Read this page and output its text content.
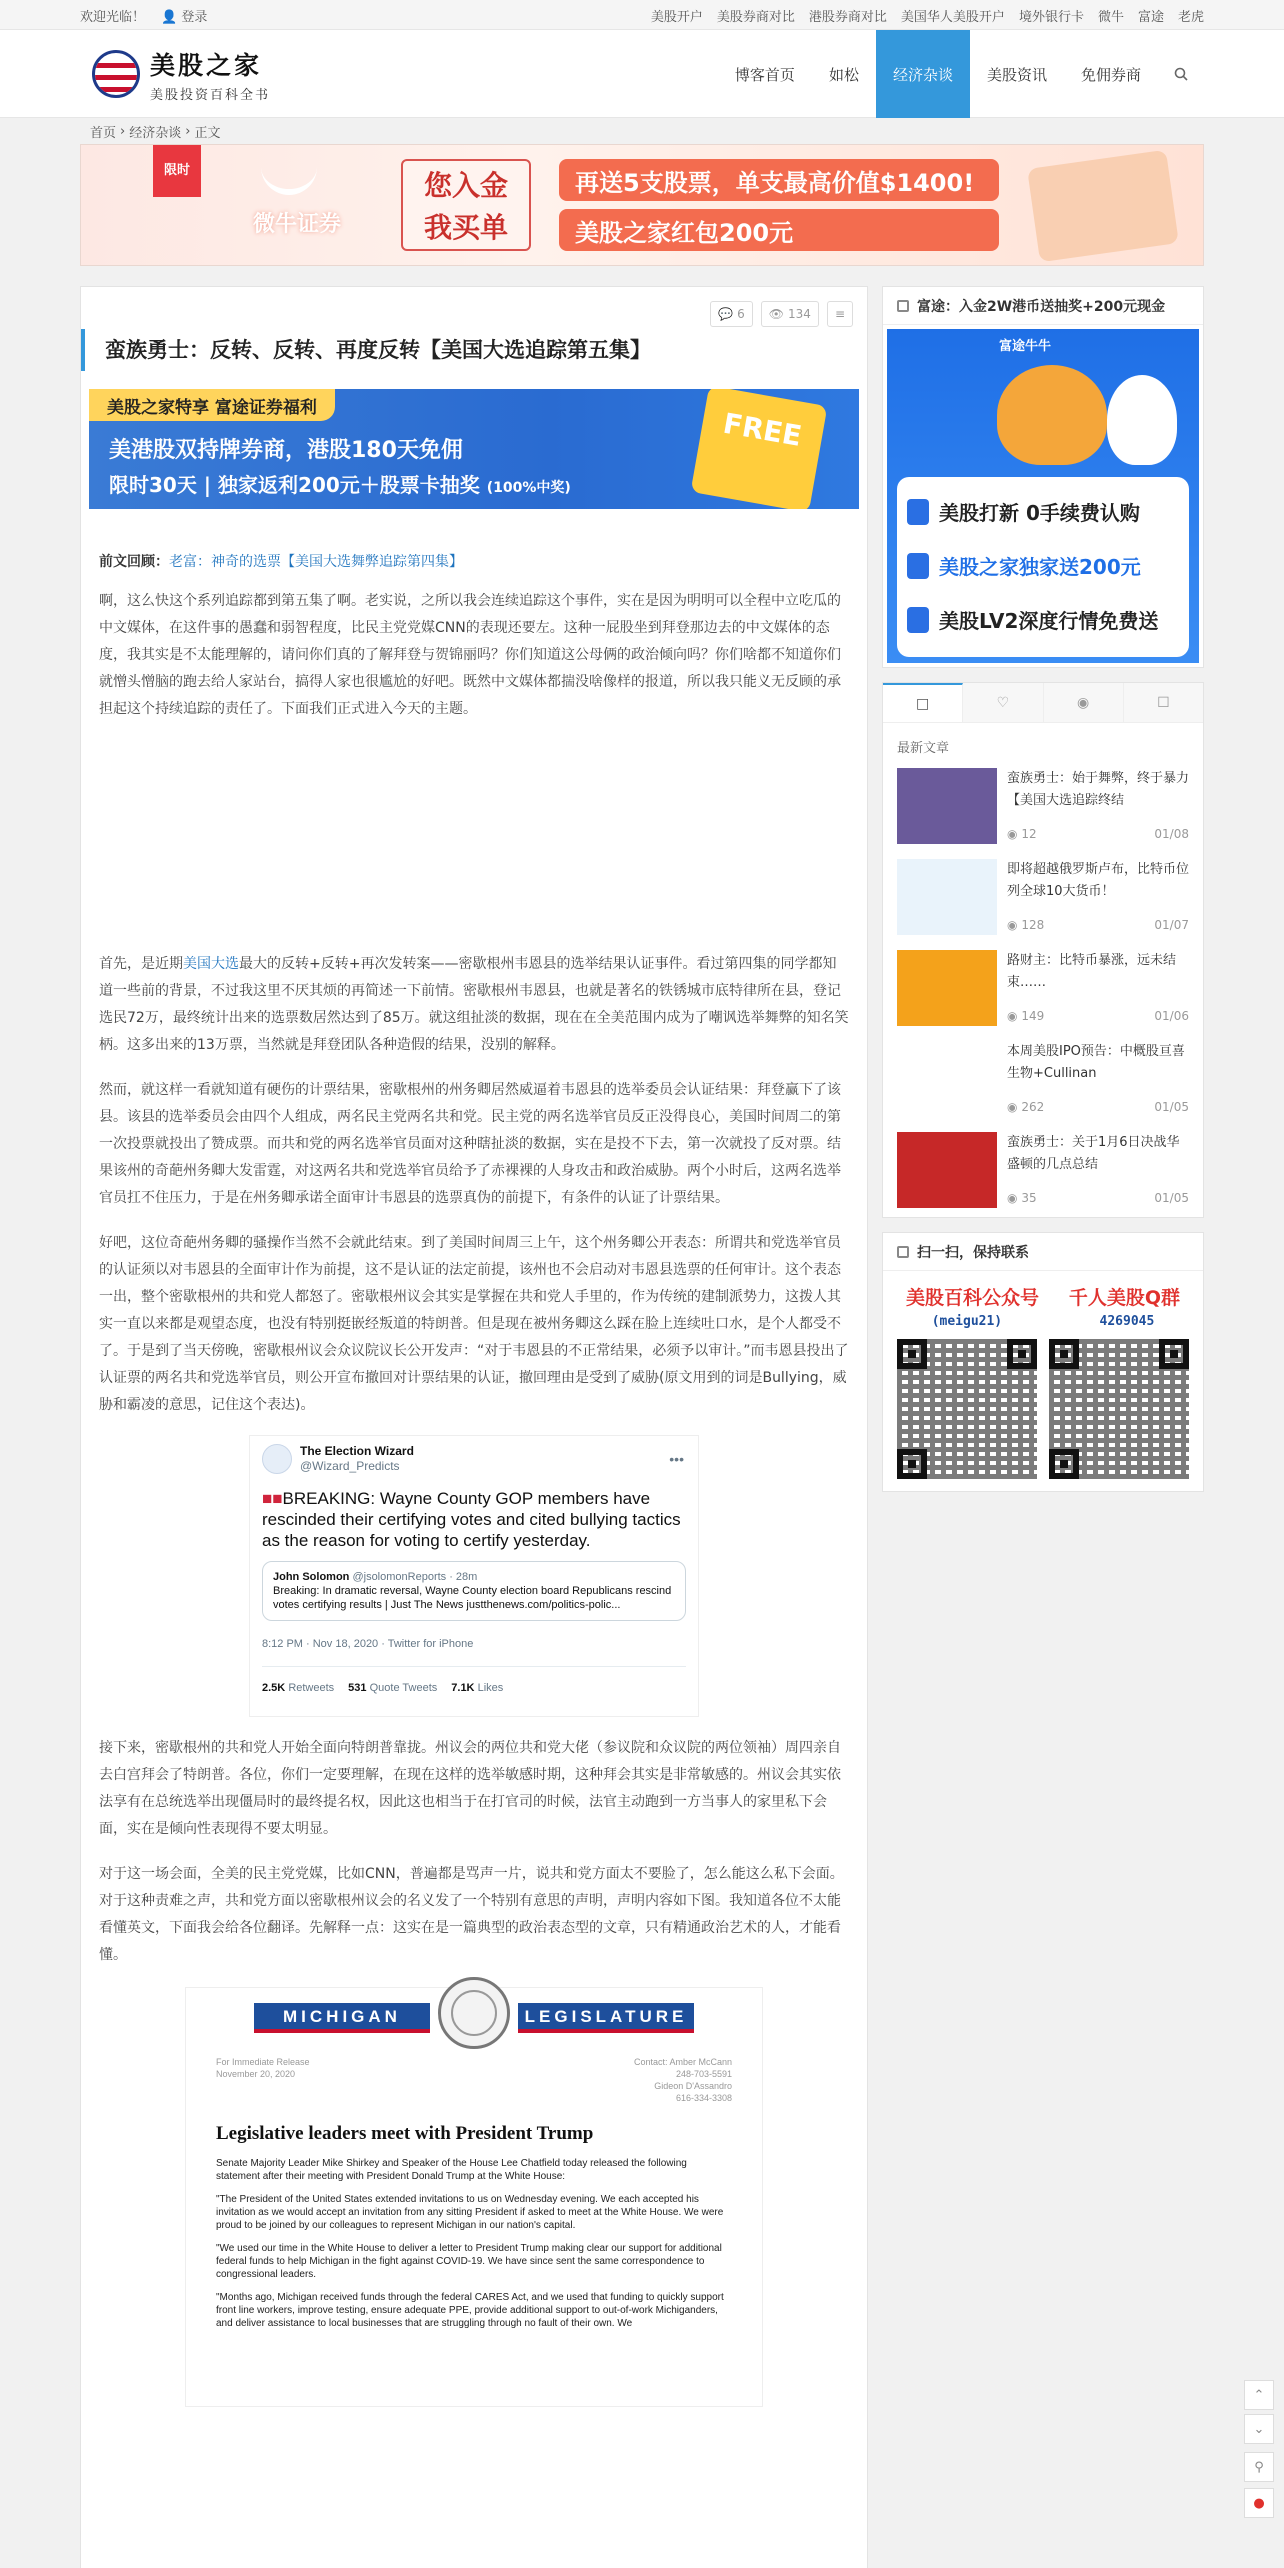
欢迎光临！ 👤 登录	美股开户 美股券商对比 港股券商对比 美国华人美股开户 境外银行卡 微牛 富途 老虎
美股之家
美股投资百科全书
博客首页	如松	经济杂谈	美股资讯	免佣券商
首页 › 经济杂谈 › 正文
限时
微牛证券
您入金
我买单
再送5支股票，单支最高价值$1400!
美股之家红包200元
💬 6 👁 134 ≡
蛮族勇士：反转、反转、再度反转【美国大选追踪第五集】
美股之家特享 富途证券福利
美港股双持牌券商，港股180天免佣
限时30天 | 独家返利200元＋股票卡抽奖 (100%中奖)
FREE
前文回顾：老富：神奇的选票【美国大选舞弊追踪第四集】

啊，这么快这个系列追踪都到第五集了啊。老实说，之所以我会连续追踪这个事件，实在是因为明明可以全程中立吃瓜的中文媒体，在这件事的愚蠢和弱智程度，比民主党党媒CNN的表现还要左。这种一屁股坐到拜登那边去的中文媒体的态度，我其实是不太能理解的，请问你们真的了解拜登与贺锦丽吗？你们知道这公母俩的政治倾向吗？你们啥都不知道你们就憎头憎脑的跑去给人家站台，搞得人家也很尴尬的好吧。既然中文媒体都揣没啥像样的报道，所以我只能义无反顾的承担起这个持续追踪的责任了。下面我们正式进入今天的主题。

首先，是近期美国大选最大的反转+反转+再次发转案——密歇根州韦恩县的选举结果认证事件。看过第四集的同学都知道一些前的背景，不过我这里不厌其烦的再简述一下前情。密歇根州韦恩县，也就是著名的铁锈城市底特律所在县，登记选民72万，最终统计出来的选票数居然达到了85万。就这组扯淡的数据，现在在全美范围内成为了嘲讽选举舞弊的知名笑柄。这多出来的13万票，当然就是拜登团队各种造假的结果，没别的解释。

然而，就这样一看就知道有硬伤的计票结果，密歇根州的州务卿居然威逼着韦恩县的选举委员会认证结果：拜登赢下了该县。该县的选举委员会由四个人组成，两名民主党两名共和党。民主党的两名选举官员反正没得良心，美国时间周二的第一次投票就投出了赞成票。而共和党的两名选举官员面对这种瞎扯淡的数据，实在是投不下去，第一次就投了反对票。结果该州的奇葩州务卿大发雷霆，对这两名共和党选举官员给予了赤裸裸的人身攻击和政治威胁。两个小时后，这两名选举官员扛不住压力，于是在州务卿承诺全面审计韦恩县的选票真伪的前提下，有条件的认证了计票结果。

好吧，这位奇葩州务卿的骚操作当然不会就此结束。到了美国时间周三上午，这个州务卿公开表态：所谓共和党选举官员的认证须以对韦恩县的全面审计作为前提，这不是认证的法定前提，该州也不会启动对韦恩县选票的任何审计。这个表态一出，整个密歇根州的共和党人都怒了。密歇根州议会其实是掌握在共和党人手里的，作为传统的建制派势力，这拨人其实一直以来都是观望态度，也没有特别挺嵌经叛道的特朗普。但是现在被州务卿这么踩在脸上连续吐口水，是个人都受不了。于是到了当天傍晚，密歇根州议会众议院议长公开发声：“对于韦恩县的不正常结果，必须予以审计。”而韦恩县投出了认证票的两名共和党选举官员，则公开宣布撤回对计票结果的认证，撤回理由是受到了威胁(原文用到的词是Bullying，威胁和霸凌的意思，记住这个表达)。

The Election Wizard
@Wizard_Predicts	•••
■■BREAKING: Wayne County GOP members have rescinded their certifying votes and cited bullying tactics as the reason for voting to certify yesterday.
John Solomon @jsolomonReports · 28m
Breaking: In dramatic reversal, Wayne County election board Republicans rescind votes certifying results | Just The News justthenews.com/politics-polic...
8:12 PM · Nov 18, 2020 · Twitter for iPhone
2.5K Retweets 531 Quote Tweets 7.1K Likes

接下来，密歇根州的共和党人开始全面向特朗普靠拢。州议会的两位共和党大佬（参议院和众议院的两位领袖）周四亲自去白宫拜会了特朗普。各位，你们一定要理解，在现在这样的选举敏感时期，这种拜会其实是非常敏感的。州议会其实依法享有在总统选举出现僵局时的最终提名权，因此这也相当于在打官司的时候，法官主动跑到一方当事人的家里私下会面，实在是倾向性表现得不要太明显。

对于这一场会面，全美的民主党党媒，比如CNN，普遍都是骂声一片，说共和党方面太不要脸了，怎么能这么私下会面。对于这种责难之声，共和党方面以密歇根州议会的名义发了一个特别有意思的声明，声明内容如下图。我知道各位不太能看懂英文，下面我会给各位翻译。先解释一点：这实在是一篇典型的政治表态型的文章，只有精通政治艺术的人，才能看懂。

MICHIGAN	LEGISLATURE
For Immediate Release
November 20, 2020
Contact: Amber McCann
248-703-5591
Gideon D'Assandro
616-334-3308
Legislative leaders meet with President Trump
Senate Majority Leader Mike Shirkey and Speaker of the House Lee Chatfield today released the following statement after their meeting with President Donald Trump at the White House:
"The President of the United States extended invitations to us on Wednesday evening. We each accepted his invitation as we would accept an invitation from any sitting President if asked to meet at the White House. We were proud to be joined by our colleagues to represent Michigan in our nation's capital.
"We used our time in the White House to deliver a letter to President Trump making clear our support for additional federal funds to help Michigan in the fight against COVID-19. We have since sent the same correspondence to congressional leaders.
"Months ago, Michigan received funds through the federal CARES Act, and we used that funding to quickly support front line workers, improve testing, ensure adequate PPE, provide additional support to out-of-work Michiganders, and deliver assistance to local businesses that are struggling through no fault of their own. We
富途：入金2W港币送抽奖+200元现金
富途牛牛
美股打新 0手续费认购
美股之家独家送200元
美股LV2深度行情免费送
□	♡	◉	☐
最新文章
蛮族勇士：始于舞弊，终于暴力【美国大选追踪终结
◉ 12	01/08
即将超越俄罗斯卢布，比特币位列全球10大货币！
◉ 128	01/07
路财主：比特币暴涨，远未结束……
◉ 149	01/06
本周美股IPO预告：中概股亘喜生物+Cullinan
◉ 262	01/05
蛮族勇士：关于1月6日决战华盛顿的几点总结
◉ 35	01/05
扫一扫，保持联系
美股百科公众号 千人美股Q群
(meigu21)	4269045
⌃
⌄
⚲
●
